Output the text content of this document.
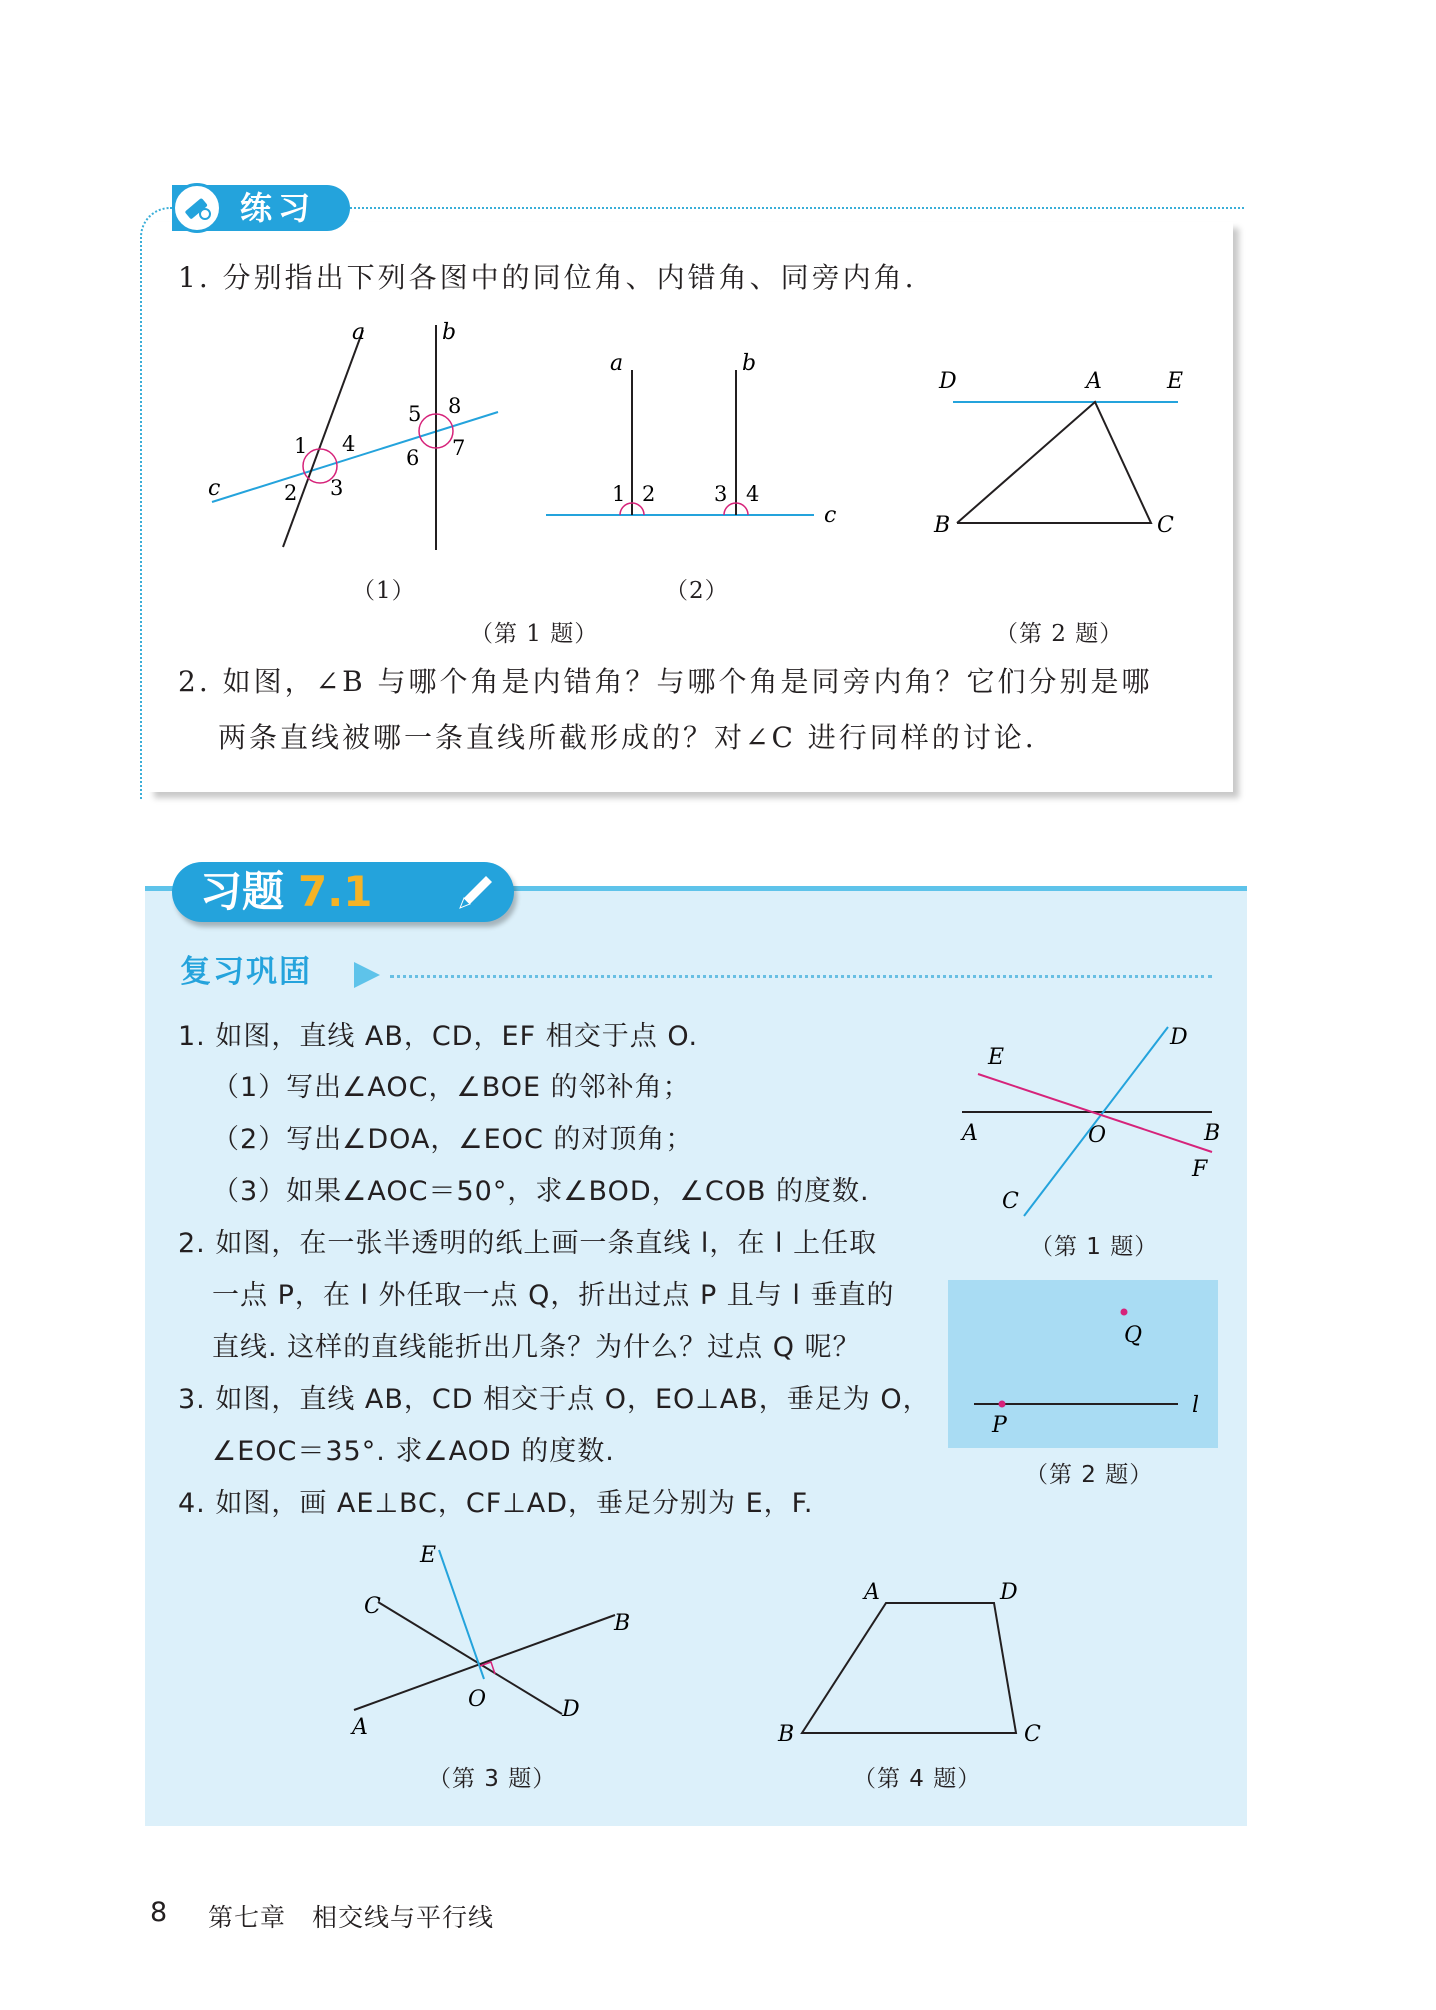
练习
1. 分别指出下列各图中的同位角、内错角、同旁内角.
a	b
c
1
2 3
4
5
6 7
8
（1）
a	b
c
1 2	3 4
（2）
（第 1 题）
D	A	E
B	C
（第 2 题）
2. 如图，∠B 与哪个角是内错角？与哪个角是同旁内角？它们分别是哪
两条直线被哪一条直线所截形成的？对∠C 进行同样的讨论.
习题 7.1
复习巩固
1. 如图，直线 AB，CD，EF 相交于点 O.
（1）写出∠AOC，∠BOE 的邻补角；
（2）写出∠DOA，∠EOC 的对顶角；
（3）如果∠AOC＝50°，求∠BOD，∠COB 的度数.
2. 如图，在一张半透明的纸上画一条直线 l，在 l 上任取
一点 P，在 l 外任取一点 Q，折出过点 P 且与 l 垂直的
直线. 这样的直线能折出几条？为什么？过点 Q 呢？
3. 如图，直线 AB，CD 相交于点 O，EO⊥AB，垂足为 O，
∠EOC＝35°. 求∠AOD 的度数.
4. 如图，画 AE⊥BC，CF⊥AD，垂足分别为 E，F.
E
D
A	O	B
F
C
（第 1 题）
Q
P
l
（第 2 题）
E
C
B
O
A
D
（第 3 题）
A	D
B	C
（第 4 题）
8 第七章　相交线与平行线
